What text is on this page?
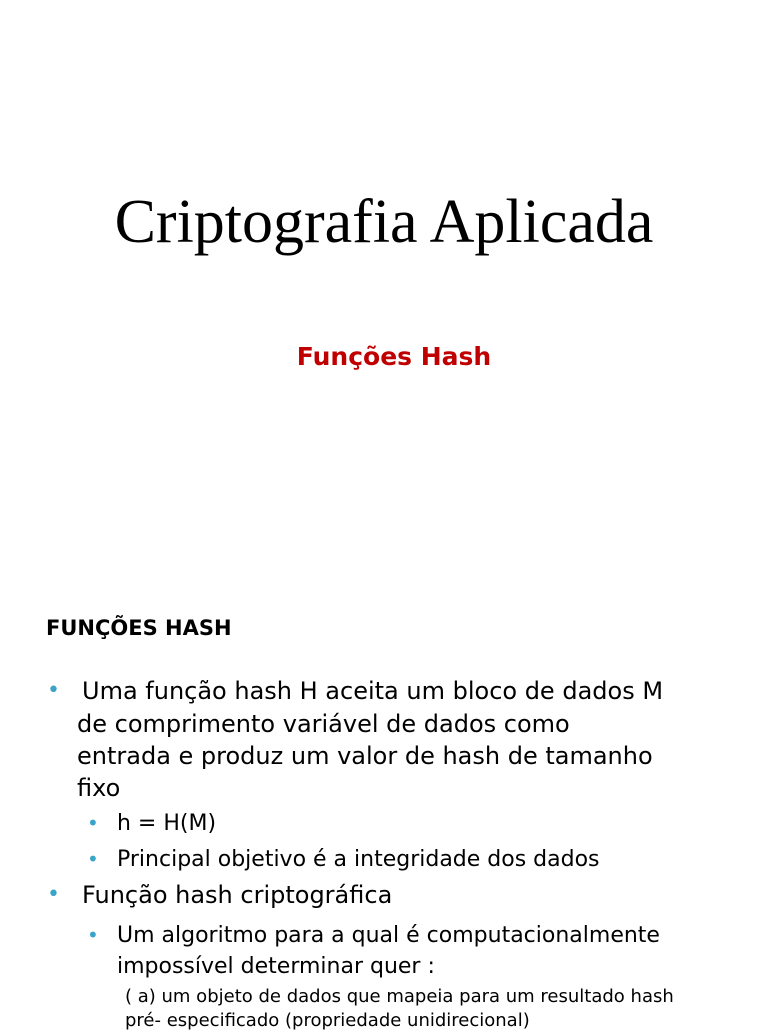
Criptografia Aplicada
Funções Hash
FUNÇÕES HASH
• Uma função hash H aceita um bloco de dados M
de comprimento variável de dados como
entrada e produz um valor de hash de tamanho
fixo
• h = H(M)
• Principal objetivo é a integridade dos dados
• Função hash criptográfica
• Um algoritmo para a qual é computacionalmente
impossível determinar quer :
( a) um objeto de dados que mapeia para um resultado hash
pré- especificado (propriedade unidirecional)
